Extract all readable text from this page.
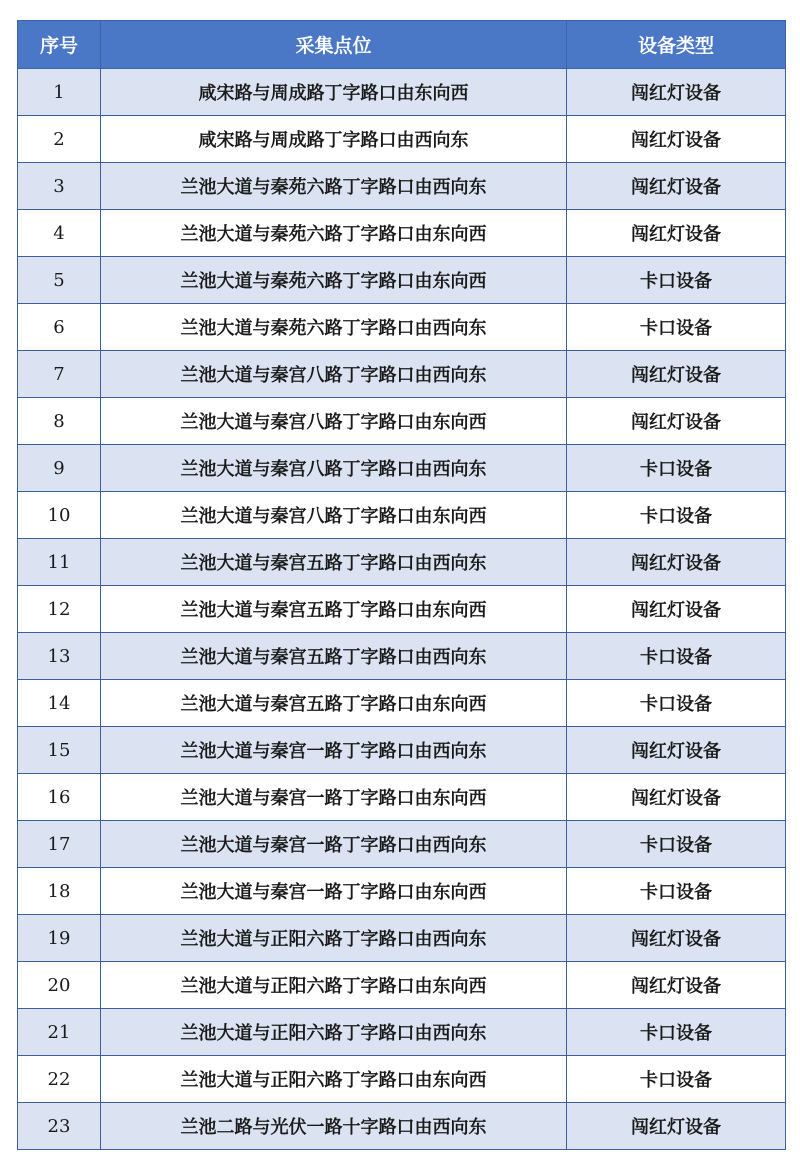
序号	采集点位	设备类型
1	咸宋路与周成路丁字路口由东向西	闯红灯设备
2	咸宋路与周成路丁字路口由西向东	闯红灯设备
3	兰池大道与秦苑六路丁字路口由西向东	闯红灯设备
4	兰池大道与秦苑六路丁字路口由东向西	闯红灯设备
5	兰池大道与秦苑六路丁字路口由东向西	卡口设备
6	兰池大道与秦苑六路丁字路口由西向东	卡口设备
7	兰池大道与秦宫八路丁字路口由西向东	闯红灯设备
8	兰池大道与秦宫八路丁字路口由东向西	闯红灯设备
9	兰池大道与秦宫八路丁字路口由西向东	卡口设备
10	兰池大道与秦宫八路丁字路口由东向西	卡口设备
11	兰池大道与秦宫五路丁字路口由西向东	闯红灯设备
12	兰池大道与秦宫五路丁字路口由东向西	闯红灯设备
13	兰池大道与秦宫五路丁字路口由西向东	卡口设备
14	兰池大道与秦宫五路丁字路口由东向西	卡口设备
15	兰池大道与秦宫一路丁字路口由西向东	闯红灯设备
16	兰池大道与秦宫一路丁字路口由东向西	闯红灯设备
17	兰池大道与秦宫一路丁字路口由西向东	卡口设备
18	兰池大道与秦宫一路丁字路口由东向西	卡口设备
19	兰池大道与正阳六路丁字路口由西向东	闯红灯设备
20	兰池大道与正阳六路丁字路口由东向西	闯红灯设备
21	兰池大道与正阳六路丁字路口由西向东	卡口设备
22	兰池大道与正阳六路丁字路口由东向西	卡口设备
23	兰池二路与光伏一路十字路口由西向东	闯红灯设备
